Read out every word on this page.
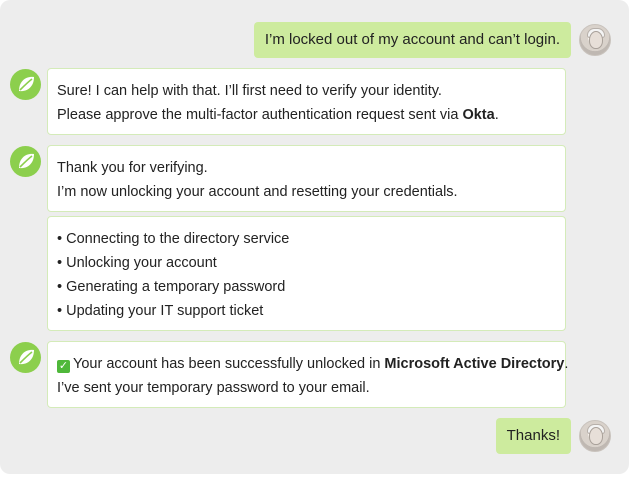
I’m locked out of my account and can’t login.
Sure! I can help with that. I’ll first need to verify your identity.
Please approve the multi-factor authentication request sent via Okta.
Thank you for verifying.
I’m now unlocking your account and resetting your credentials.
• Connecting to the directory service
• Unlocking your account
• Generating a temporary password
• Updating your IT support ticket
✓ Your account has been successfully unlocked in Microsoft Active Directory.
I’ve sent your temporary password to your email.
Thanks!
